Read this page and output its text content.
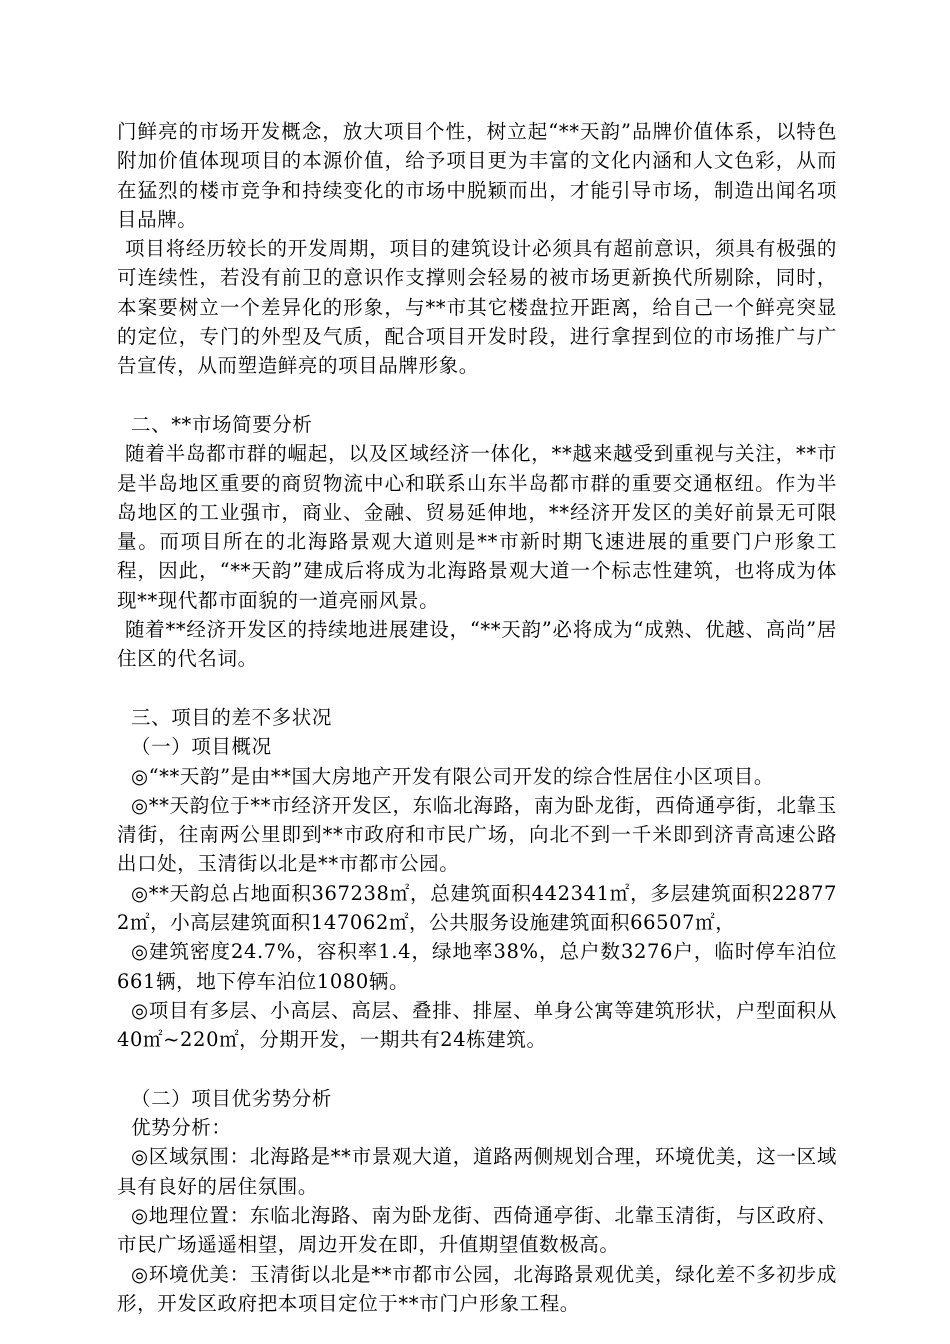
门鲜亮的市场开发概念，放大项目个性，树立起“**天韵”品牌价值体系，以特色附加价值体现项目的本源价值，给予项目更为丰富的文化内涵和人文色彩，从而在猛烈的楼市竞争和持续变化的市场中脱颖而出，才能引导市场，制造出闻名项目品牌。

项目将经历较长的开发周期，项目的建筑设计必须具有超前意识，须具有极强的可连续性，若没有前卫的意识作支撑则会轻易的被市场更新换代所剔除，同时，本案要树立一个差异化的形象，与**市其它楼盘拉开距离，给自己一个鲜亮突显的定位，专门的外型及气质，配合项目开发时段，进行拿捏到位的市场推广与广告宣传，从而塑造鲜亮的项目品牌形象。

二、**市场简要分析

随着半岛都市群的崛起，以及区域经济一体化，**越来越受到重视与关注，**市是半岛地区重要的商贸物流中心和联系山东半岛都市群的重要交通枢纽。作为半岛地区的工业强市，商业、金融、贸易延伸地，**经济开发区的美好前景无可限量。而项目所在的北海路景观大道则是**市新时期飞速进展的重要门户形象工程，因此，“**天韵”建成后将成为北海路景观大道一个标志性建筑，也将成为体现**现代都市面貌的一道亮丽风景。

随着**经济开发区的持续地进展建设，“**天韵”必将成为“成熟、优越、高尚”居住区的代名词。

三、项目的差不多状况

（一）项目概况

◎“**天韵”是由**国大房地产开发有限公司开发的综合性居住小区项目。

◎**天韵位于**市经济开发区，东临北海路，南为卧龙街，西倚通亭街，北靠玉清街，往南两公里即到**市政府和市民广场，向北不到一千米即到济青高速公路出口处，玉清街以北是**市都市公园。

◎**天韵总占地面积367238㎡，总建筑面积442341㎡，多层建筑面积228772㎡，小高层建筑面积147062㎡，公共服务设施建筑面积66507㎡，

◎建筑密度24.7%，容积率1.4，绿地率38%，总户数3276户，临时停车泊位661辆，地下停车泊位1080辆。

◎项目有多层、小高层、高层、叠排、排屋、单身公寓等建筑形状，户型面积从40㎡~220㎡，分期开发，一期共有24栋建筑。

（二）项目优劣势分析

优势分析：

◎区域氛围：北海路是**市景观大道，道路两侧规划合理，环境优美，这一区域具有良好的居住氛围。

◎地理位置：东临北海路、南为卧龙街、西倚通亭街、北靠玉清街，与区政府、市民广场遥遥相望，周边开发在即，升值期望值数极高。

◎环境优美：玉清街以北是**市都市公园，北海路景观优美，绿化差不多初步成形，开发区政府把本项目定位于**市门户形象工程。
